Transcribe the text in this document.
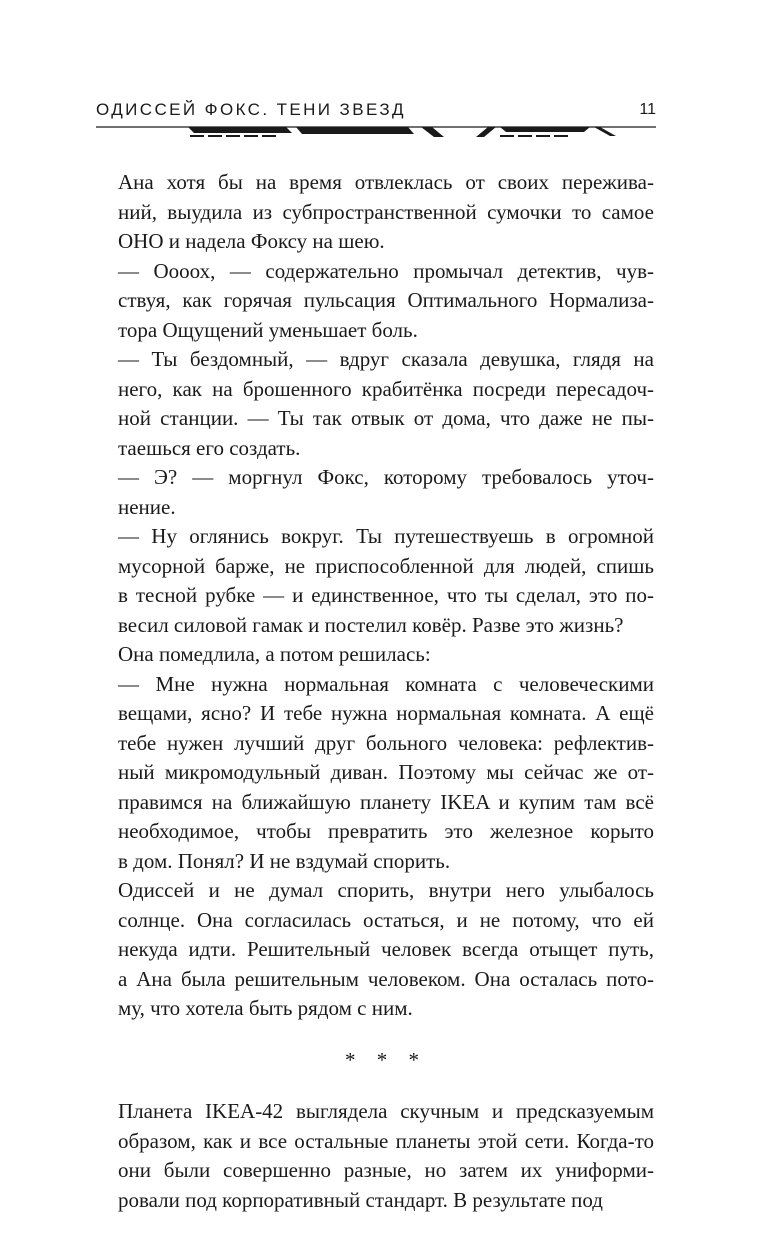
ОДИССЕЙ ФОКС. ТЕНИ ЗВЕЗД	11

Ана хотя бы на время отвлеклась от своих пережива-
ний, выудила из субпространственной сумочки то самое
ОНО и надела Фоксу на шею.

— Оооох, — содержательно промычал детектив, чув-
ствуя, как горячая пульсация Оптимального Нормализа-
тора Ощущений уменьшает боль.

— Ты бездомный, — вдруг сказала девушка, глядя на
него, как на брошенного крабитёнка посреди пересадоч-
ной станции. — Ты так отвык от дома, что даже не пы-
таешься его создать.

— Э? — моргнул Фокс, которому требовалось уточ-
нение.

— Ну оглянись вокруг. Ты путешествуешь в огромной
мусорной барже, не приспособленной для людей, спишь
в тесной рубке — и единственное, что ты сделал, это по-
весил силовой гамак и постелил ковёр. Разве это жизнь?

Она помедлила, а потом решилась:

— Мне нужна нормальная комната с человеческими
вещами, ясно? И тебе нужна нормальная комната. А ещё
тебе нужен лучший друг больного человека: рефлектив-
ный микромодульный диван. Поэтому мы сейчас же от-
правимся на ближайшую планету IKEA и купим там всё
необходимое, чтобы превратить это железное корыто
в дом. Понял? И не вздумай спорить.

Одиссей и не думал спорить, внутри него улыбалось
солнце. Она согласилась остаться, и не потому, что ей
некуда идти. Решительный человек всегда отыщет путь,
а Ана была решительным человеком. Она осталась пото-
му, что хотела быть рядом с ним.

* * *

Планета IKEA-42 выглядела скучным и предсказуемым
образом, как и все остальные планеты этой сети. Когда-то
они были совершенно разные, но затем их униформи-
ровали под корпоративный стандарт. В результате под
